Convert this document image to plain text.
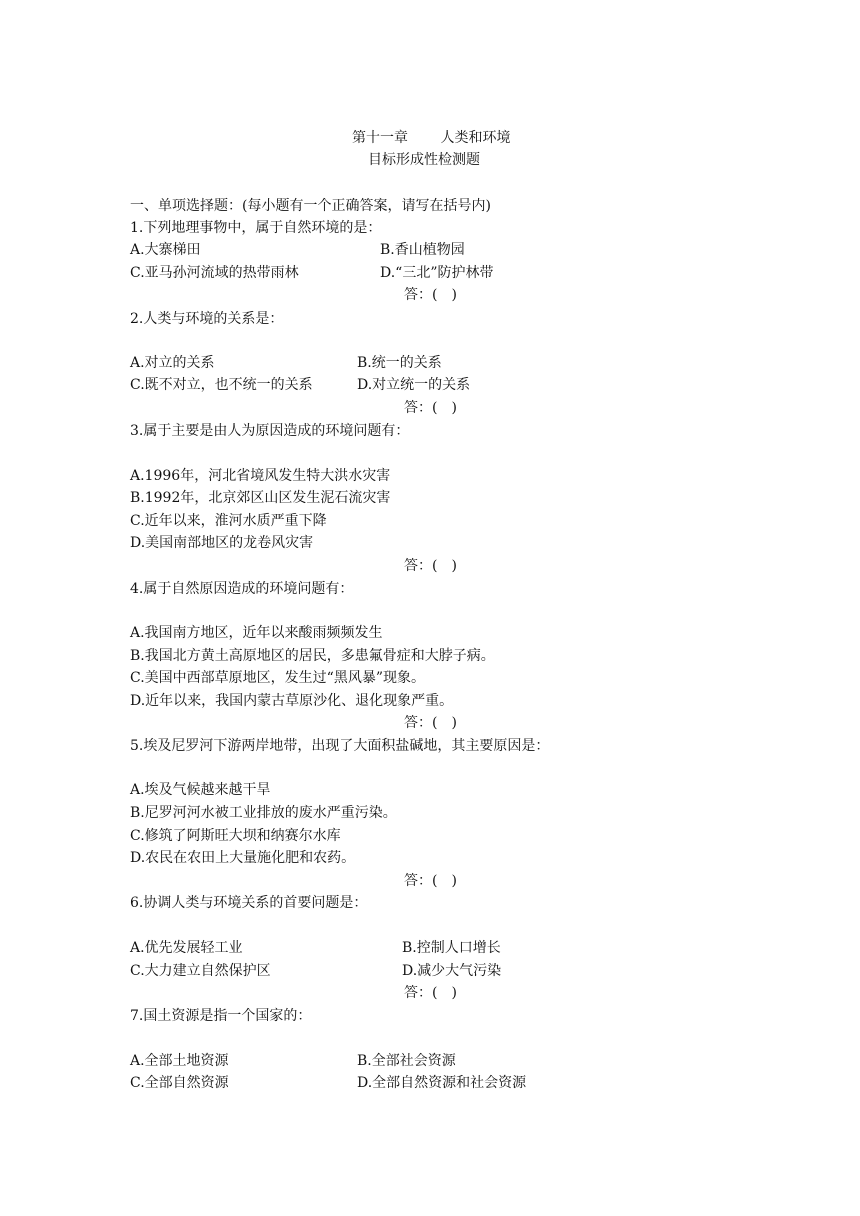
第十一章 人类和环境
目标形成性检测题
一、单项选择题：(每小题有一个正确答案，请写在括号内)
1.下列地理事物中，属于自然环境的是：
A.大寨梯田	B.香山植物园
C.亚马孙河流域的热带雨林	D.“三北”防护林带
答：(　)
2.人类与环境的关系是：
A.对立的关系	B.统一的关系
C.既不对立，也不统一的关系	D.对立统一的关系
答：(　)
3.属于主要是由人为原因造成的环境问题有：
A.1996年，河北省境风发生特大洪水灾害
B.1992年，北京郊区山区发生泥石流灾害
C.近年以来，淮河水质严重下降
D.美国南部地区的龙卷风灾害
答：(　)
4.属于自然原因造成的环境问题有：
A.我国南方地区，近年以来酸雨频频发生
B.我国北方黄土高原地区的居民，多患氟骨症和大脖子病。
C.美国中西部草原地区，发生过“黑风暴”现象。
D.近年以来，我国内蒙古草原沙化、退化现象严重。
答：(　)
5.埃及尼罗河下游两岸地带，出现了大面积盐碱地，其主要原因是：
A.埃及气候越来越干旱
B.尼罗河河水被工业排放的废水严重污染。
C.修筑了阿斯旺大坝和纳赛尔水库
D.农民在农田上大量施化肥和农药。
答：(　)
6.协调人类与环境关系的首要问题是：
A.优先发展轻工业	B.控制人口增长
C.大力建立自然保护区	D.减少大气污染
答：(　)
7.国土资源是指一个国家的：
A.全部土地资源	B.全部社会资源
C.全部自然资源	D.全部自然资源和社会资源
